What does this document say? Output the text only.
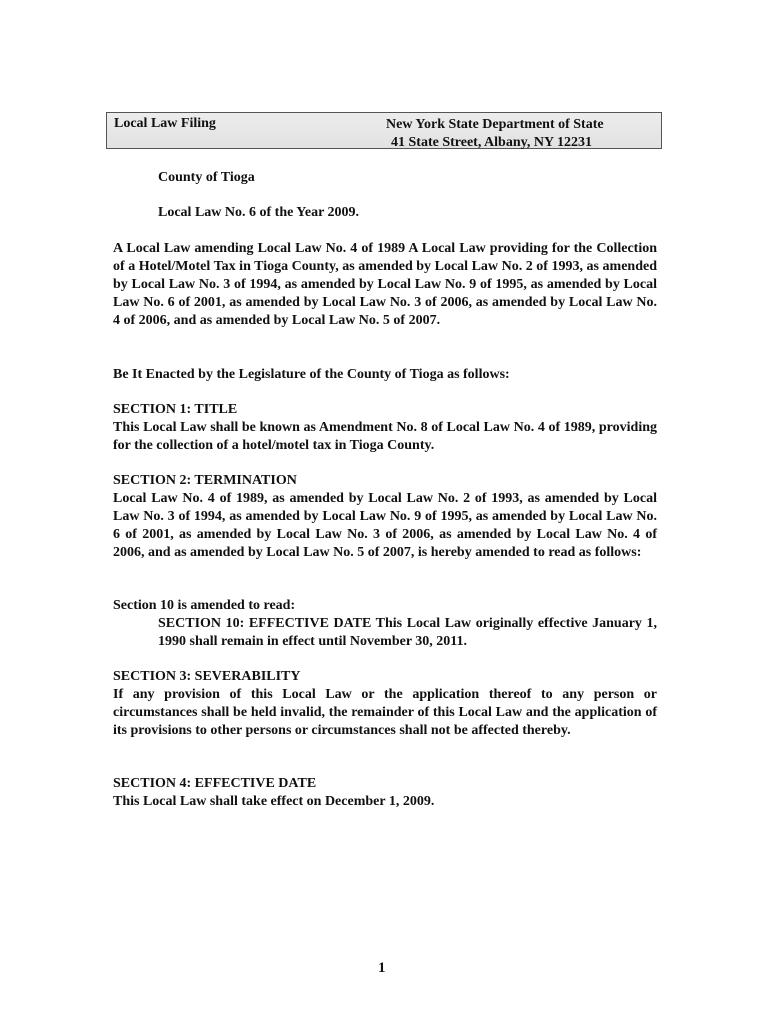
Local Law Filing	New York State Department of State
41 State Street, Albany, NY 12231
County of Tioga
Local Law No. 6 of the Year 2009.
A Local Law amending Local Law No. 4 of 1989 A Local Law providing for the Collection of a Hotel/Motel Tax in Tioga County, as amended by Local Law No. 2 of 1993, as amended by Local Law No. 3 of 1994, as amended by Local Law No. 9 of 1995, as amended by Local Law No. 6 of 2001, as amended by Local Law No. 3 of 2006, as amended by Local Law No. 4 of 2006, and as amended by Local Law No. 5 of 2007.
Be It Enacted by the Legislature of the County of Tioga as follows:
SECTION 1: TITLE
This Local Law shall be known as Amendment No. 8 of Local Law No. 4 of 1989, providing for the collection of a hotel/motel tax in Tioga County.
SECTION 2: TERMINATION
Local Law No. 4 of 1989, as amended by Local Law No. 2 of 1993, as amended by Local Law No. 3 of 1994, as amended by Local Law No. 9 of 1995, as amended by Local Law No. 6 of 2001, as amended by Local Law No. 3 of 2006, as amended by Local Law No. 4 of 2006, and as amended by Local Law No. 5 of 2007, is hereby amended to read as follows:
Section 10 is amended to read:
SECTION 10: EFFECTIVE DATE This Local Law originally effective January 1, 1990 shall remain in effect until November 30, 2011.
SECTION 3: SEVERABILITY
If any provision of this Local Law or the application thereof to any person or circumstances shall be held invalid, the remainder of this Local Law and the application of its provisions to other persons or circumstances shall not be affected thereby.
SECTION 4: EFFECTIVE DATE
This Local Law shall take effect on December 1, 2009.
1
